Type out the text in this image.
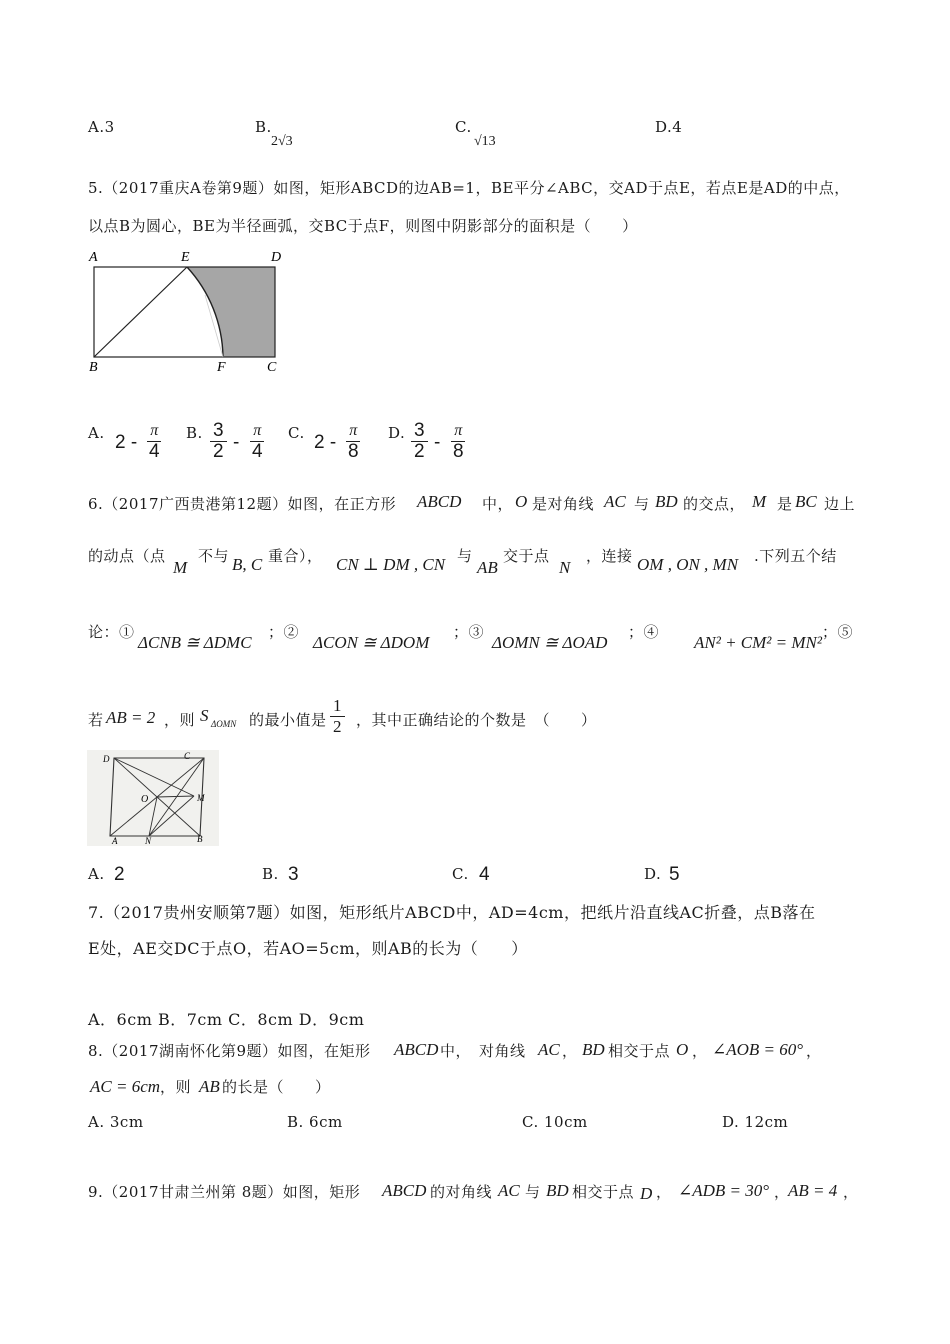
A.3	B.
2√3
C.
√13
D.4
5.（2017重庆A卷第9题）如图，矩形ABCD的边AB=1，BE平分∠ABC，交AD于点E，若点E是AD的中点，
以点B为圆心，BE为半径画弧，交BC于点F，则图中阴影部分的面积是（　　）
A	E	D
B	F	C
A. 2 -
π
4
B. $\frac{3}{2}$ -
π
4
C. 2 -
π
8
D. $\frac{3}{2}$ -
π
8
6.（2017广西贵港第12题）如图，在正方形 ABCD 中， O 是对角线 AC 与 BD 的交点， M 是 BC 边上
的动点（点
M
不与 B, C 重合）， CN ⊥ DM , CN 与
AB
交于点
N
，连接 OM , ON , MN .下列五个结
论：①
ΔCNB ≅ ΔDMC
；②
ΔCON ≅ ΔDOM
；③
ΔOMN ≅ ΔOAD
；④
AN² + CM² = MN²
；⑤
若 AB = 2 ，则 S ΔOMN 的最小值是 $\frac{1}{2}$ ，其中正确结论的个数是　（　　）
D	C
O	M
A	N	B
A. 2	B. 3	C. 4	D. 5
7.（2017贵州安顺第7题）如图，矩形纸片ABCD中，AD=4cm，把纸片沿直线AC折叠，点B落在
E处，AE交DC于点O，若AO=5cm，则AB的长为（　　）
A．6cm B．7cm C．8cm D．9cm
8.（2017湖南怀化第9题）如图，在矩形 ABCD 中，　对角线 AC ， BD 相交于点 O ， ∠AOB = 60° ，
AC = 6cm ，则 AB 的长是（　　）
A. 3cm	B. 6cm	C. 10cm	D. 12cm
9.（2017甘肃兰州第 8题）如图，矩形 ABCD 的对角线 AC 与 BD 相交于点 D ， ∠ADB = 30° ，
AB = 4 ，
